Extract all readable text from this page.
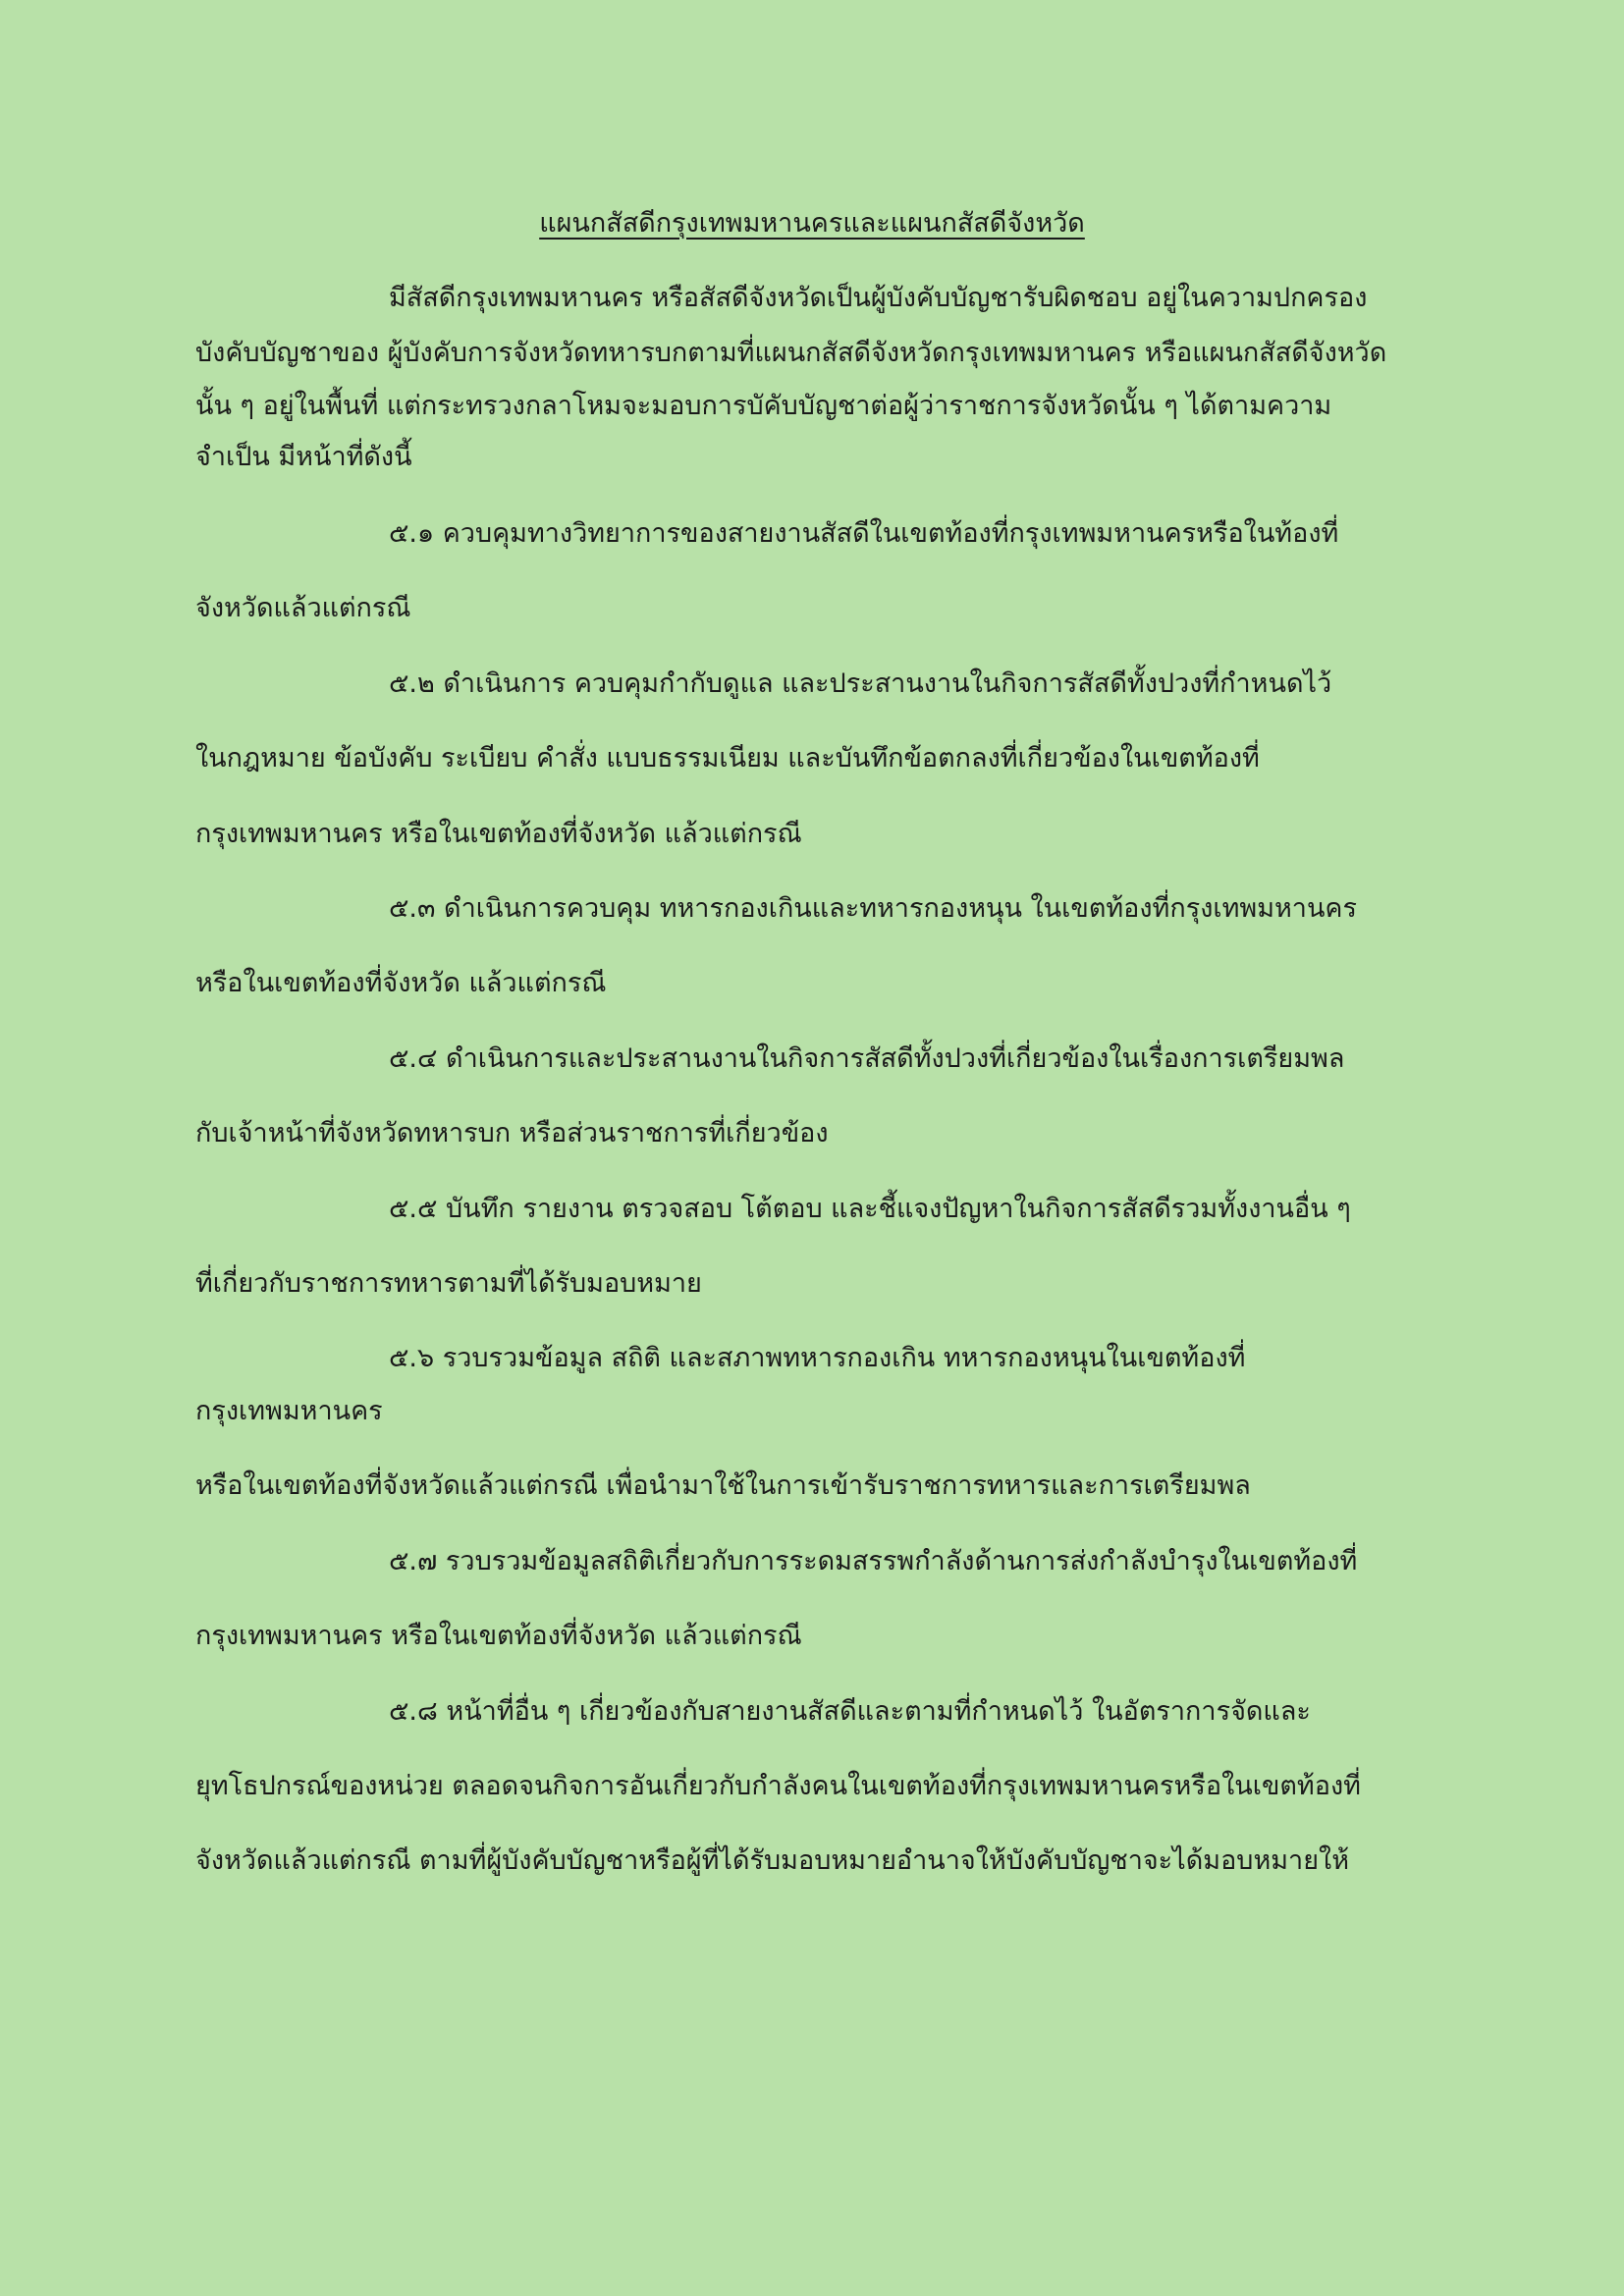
แผนกสัสดีกรุงเทพมหานครและแผนกสัสดีจังหวัด
มีสัสดีกรุงเทพมหานคร หรือสัสดีจังหวัดเป็นผู้บังคับบัญชารับผิดชอบ อยู่ในความปกครอง
บังคับบัญชาของ ผู้บังคับการจังหวัดทหารบกตามที่แผนกสัสดีจังหวัดกรุงเทพมหานคร หรือแผนกสัสดีจังหวัด
นั้น ๆ อยู่ในพื้นที่ แต่กระทรวงกลาโหมจะมอบการบัคับบัญชาต่อผู้ว่าราชการจังหวัดนั้น ๆ ได้ตามความ
จำเป็น มีหน้าที่ดังนี้
๕.๑ ควบคุมทางวิทยาการของสายงานสัสดีในเขตท้องที่กรุงเทพมหานครหรือในท้องที่
จังหวัดแล้วแต่กรณี
๕.๒ ดำเนินการ ควบคุมกำกับดูแล และประสานงานในกิจการสัสดีทั้งปวงที่กำหนดไว้
ในกฎหมาย ข้อบังคับ ระเบียบ คำสั่ง แบบธรรมเนียม และบันทึกข้อตกลงที่เกี่ยวข้องในเขตท้องที่
กรุงเทพมหานคร หรือในเขตท้องที่จังหวัด แล้วแต่กรณี
๕.๓ ดำเนินการควบคุม ทหารกองเกินและทหารกองหนุน ในเขตท้องที่กรุงเทพมหานคร
หรือในเขตท้องที่จังหวัด แล้วแต่กรณี
๕.๔ ดำเนินการและประสานงานในกิจการสัสดีทั้งปวงที่เกี่ยวข้องในเรื่องการเตรียมพล
กับเจ้าหน้าที่จังหวัดทหารบก หรือส่วนราชการที่เกี่ยวข้อง
๕.๕ บันทึก รายงาน ตรวจสอบ โต้ตอบ และชี้แจงปัญหาในกิจการสัสดีรวมทั้งงานอื่น ๆ
ที่เกี่ยวกับราชการทหารตามที่ได้รับมอบหมาย
๕.๖ รวบรวมข้อมูล สถิติ และสภาพทหารกองเกิน ทหารกองหนุนในเขตท้องที่
กรุงเทพมหานคร
หรือในเขตท้องที่จังหวัดแล้วแต่กรณี เพื่อนำมาใช้ในการเข้ารับราชการทหารและการเตรียมพล
๕.๗ รวบรวมข้อมูลสถิติเกี่ยวกับการระดมสรรพกำลังด้านการส่งกำลังบำรุงในเขตท้องที่
กรุงเทพมหานคร หรือในเขตท้องที่จังหวัด แล้วแต่กรณี
๕.๘ หน้าที่อื่น ๆ เกี่ยวข้องกับสายงานสัสดีและตามที่กำหนดไว้ ในอัตราการจัดและ
ยุทโธปกรณ์ของหน่วย ตลอดจนกิจการอันเกี่ยวกับกำลังคนในเขตท้องที่กรุงเทพมหานครหรือในเขตท้องที่
จังหวัดแล้วแต่กรณี ตามที่ผู้บังคับบัญชาหรือผู้ที่ได้รับมอบหมายอำนาจให้บังคับบัญชาจะได้มอบหมายให้
